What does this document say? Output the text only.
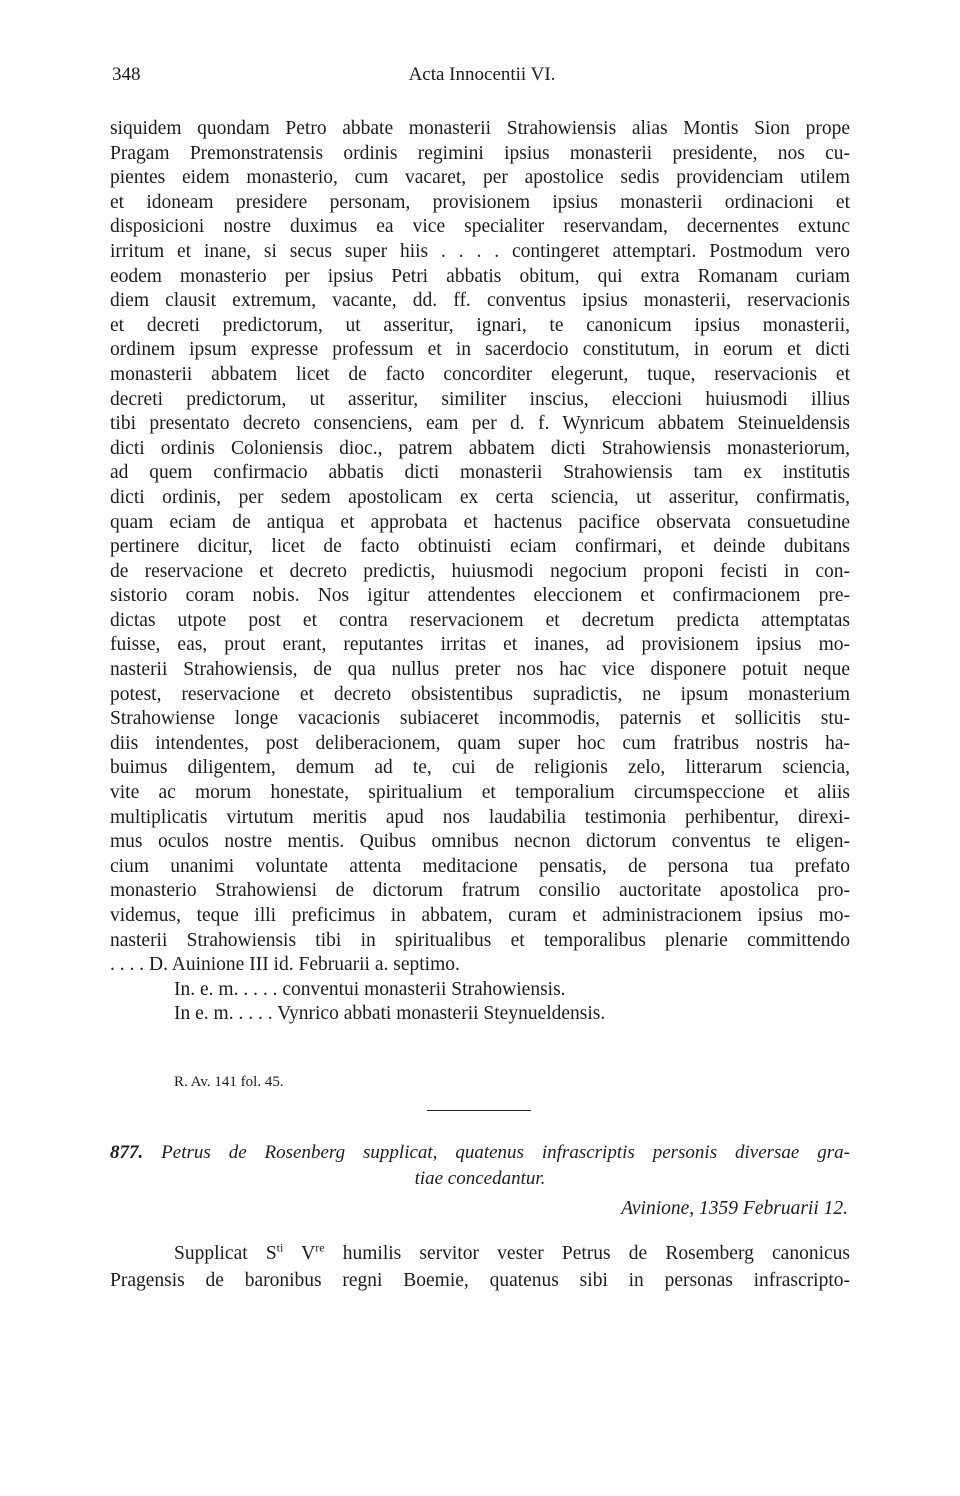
348	Acta Innocentii VI.
siquidem quondam Petro abbate monasterii Strahowiensis alias Montis Sion prope
Pragam Premonstratensis ordinis regimini ipsius monasterii presidente, nos cu-
pientes eidem monasterio, cum vacaret, per apostolice sedis providenciam utilem
et idoneam presidere personam, provisionem ipsius monasterii ordinacioni et
disposicioni nostre duximus ea vice specialiter reservandam, decernentes extunc
irritum et inane, si secus super hiis . . . . contingeret attemptari. Postmodum vero
eodem monasterio per ipsius Petri abbatis obitum, qui extra Romanam curiam
diem clausit extremum, vacante, dd. ff. conventus ipsius monasterii, reservacionis
et decreti predictorum, ut asseritur, ignari, te canonicum ipsius monasterii,
ordinem ipsum expresse professum et in sacerdocio constitutum, in eorum et dicti
monasterii abbatem licet de facto concorditer elegerunt, tuque, reservacionis et
decreti predictorum, ut asseritur, similiter inscius, eleccioni huiusmodi illius
tibi presentato decreto consenciens, eam per d. f. Wynricum abbatem Steinueldensis
dicti ordinis Coloniensis dioc., patrem abbatem dicti Strahowiensis monasteriorum,
ad quem confirmacio abbatis dicti monasterii Strahowiensis tam ex institutis
dicti ordinis, per sedem apostolicam ex certa sciencia, ut asseritur, confirmatis,
quam eciam de antiqua et approbata et hactenus pacifice observata consuetudine
pertinere dicitur, licet de facto obtinuisti eciam confirmari, et deinde dubitans
de reservacione et decreto predictis, huiusmodi negocium proponi fecisti in con-
sistorio coram nobis. Nos igitur attendentes eleccionem et confirmacionem pre-
dictas utpote post et contra reservacionem et decretum predicta attemptatas
fuisse, eas, prout erant, reputantes irritas et inanes, ad provisionem ipsius mo-
nasterii Strahowiensis, de qua nullus preter nos hac vice disponere potuit neque
potest, reservacione et decreto obsistentibus supradictis, ne ipsum monasterium
Strahowiense longe vacacionis subiaceret incommodis, paternis et sollicitis stu-
diis intendentes, post deliberacionem, quam super hoc cum fratribus nostris ha-
buimus diligentem, demum ad te, cui de religionis zelo, litterarum sciencia,
vite ac morum honestate, spiritualium et temporalium circumspeccione et aliis
multiplicatis virtutum meritis apud nos laudabilia testimonia perhibentur, direxi-
mus oculos nostre mentis. Quibus omnibus necnon dictorum conventus te eligen-
cium unanimi voluntate attenta meditacione pensatis, de persona tua prefato
monasterio Strahowiensi de dictorum fratrum consilio auctoritate apostolica pro-
videmus, teque illi preficimus in abbatem, curam et administracionem ipsius mo-
nasterii Strahowiensis tibi in spiritualibus et temporalibus plenarie committendo
. . . . D. Auinione III id. Februarii a. septimo.
In. e. m. . . . . conventui monasterii Strahowiensis.
In e. m. . . . . Vynrico abbati monasterii Steynueldensis.
R. Av. 141 fol. 45.
877. Petrus de Rosenberg supplicat, quatenus infrascriptis personis diversae gra-
tiae concedantur.
Avinione, 1359 Februarii 12.
Supplicat $S^{ti}$ Vre humilis servitor vester Petrus de Rosemberg canonicus
Pragensis de baronibus regni Boemie, quatenus sibi in personas infrascripto-
